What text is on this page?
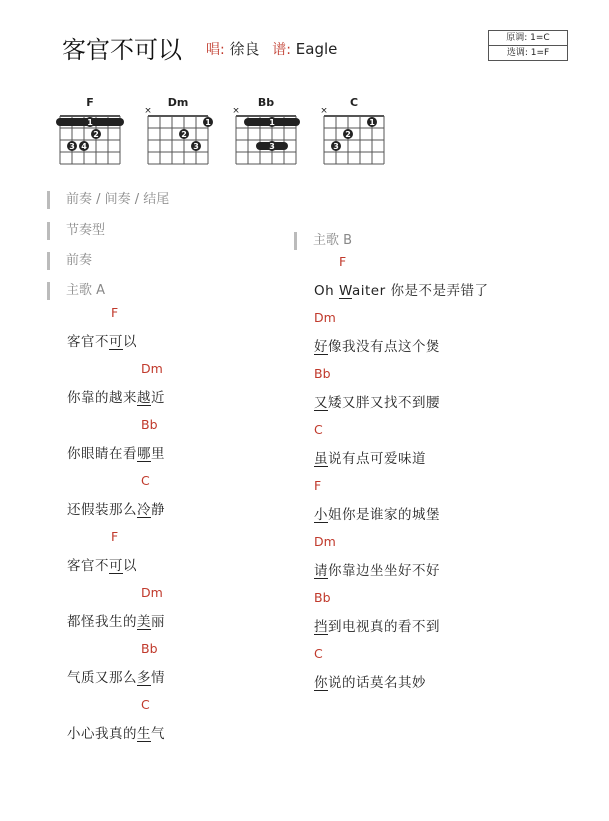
客官不可以 唱: 徐良 谱: Eagle
原调: 1=C
选调: 1=F
F
1
2
3 4
Dm
×
1
2
3
Bb
×
1
3
C
×
1
2
3
前奏 / 间奏 / 结尾
节奏型
前奏
主歌 A
主歌 B
F
客官不可以
Dm
你靠的越来越近
Bb
你眼睛在看哪里
C
还假装那么冷静
F
客官不可以
Dm
都怪我生的美丽
Bb
气质又那么多情
C
小心我真的生气
F
Oh Waiter 你是不是弄错了
Dm
好像我没有点这个煲
Bb
又矮又胖又找不到腰
C
虽说有点可爱味道
F
小姐你是谁家的城堡
Dm
请你靠边坐坐好不好
Bb
挡到电视真的看不到
C
你说的话莫名其妙
